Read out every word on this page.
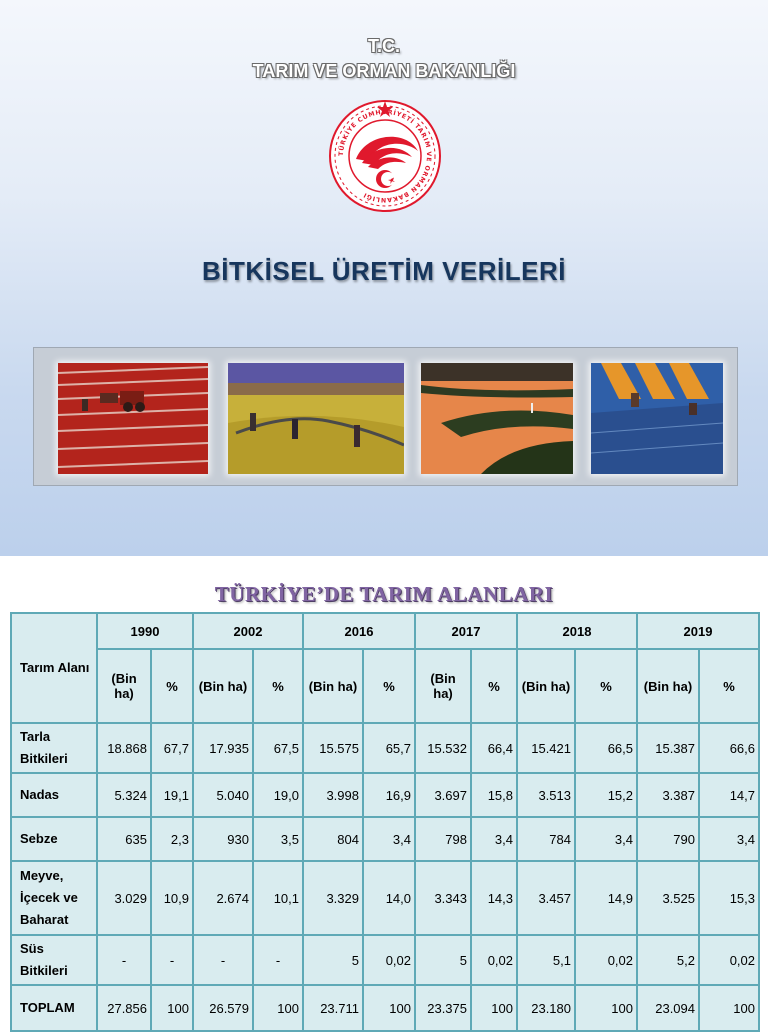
T.C.
TARIM VE ORMAN BAKANLIĞI
TÜRKİYE CUMHURİYETİ TARIM VE ORMAN BAKANLIĞI
BİTKİSEL ÜRETİM VERİLERİ
TÜRKİYE’DE TARIM ALANLARI
Tarım Alanı	1990		2002		2016		2017		2018		2019	
	(Bin ha)	%	(Bin ha)	%	(Bin ha)	%	(Bin ha)	%	(Bin ha)	%	(Bin ha)	%
Tarla Bitkileri	18.868	67,7	17.935	67,5	15.575	65,7	15.532	66,4	15.421	66,5	15.387	66,6
Nadas	5.324	19,1	5.040	19,0	3.998	16,9	3.697	15,8	3.513	15,2	3.387	14,7
Sebze	635	2,3	930	3,5	804	3,4	798	3,4	784	3,4	790	3,4
Meyve, İçecek ve Baharat	3.029	10,9	2.674	10,1	3.329	14,0	3.343	14,3	3.457	14,9	3.525	15,3
Süs Bitkileri	-	-	-	-	5	0,02	5	0,02	5,1	0,02	5,2	0,02
TOPLAM	27.856	100	26.579	100	23.711	100	23.375	100	23.180	100	23.094	100
